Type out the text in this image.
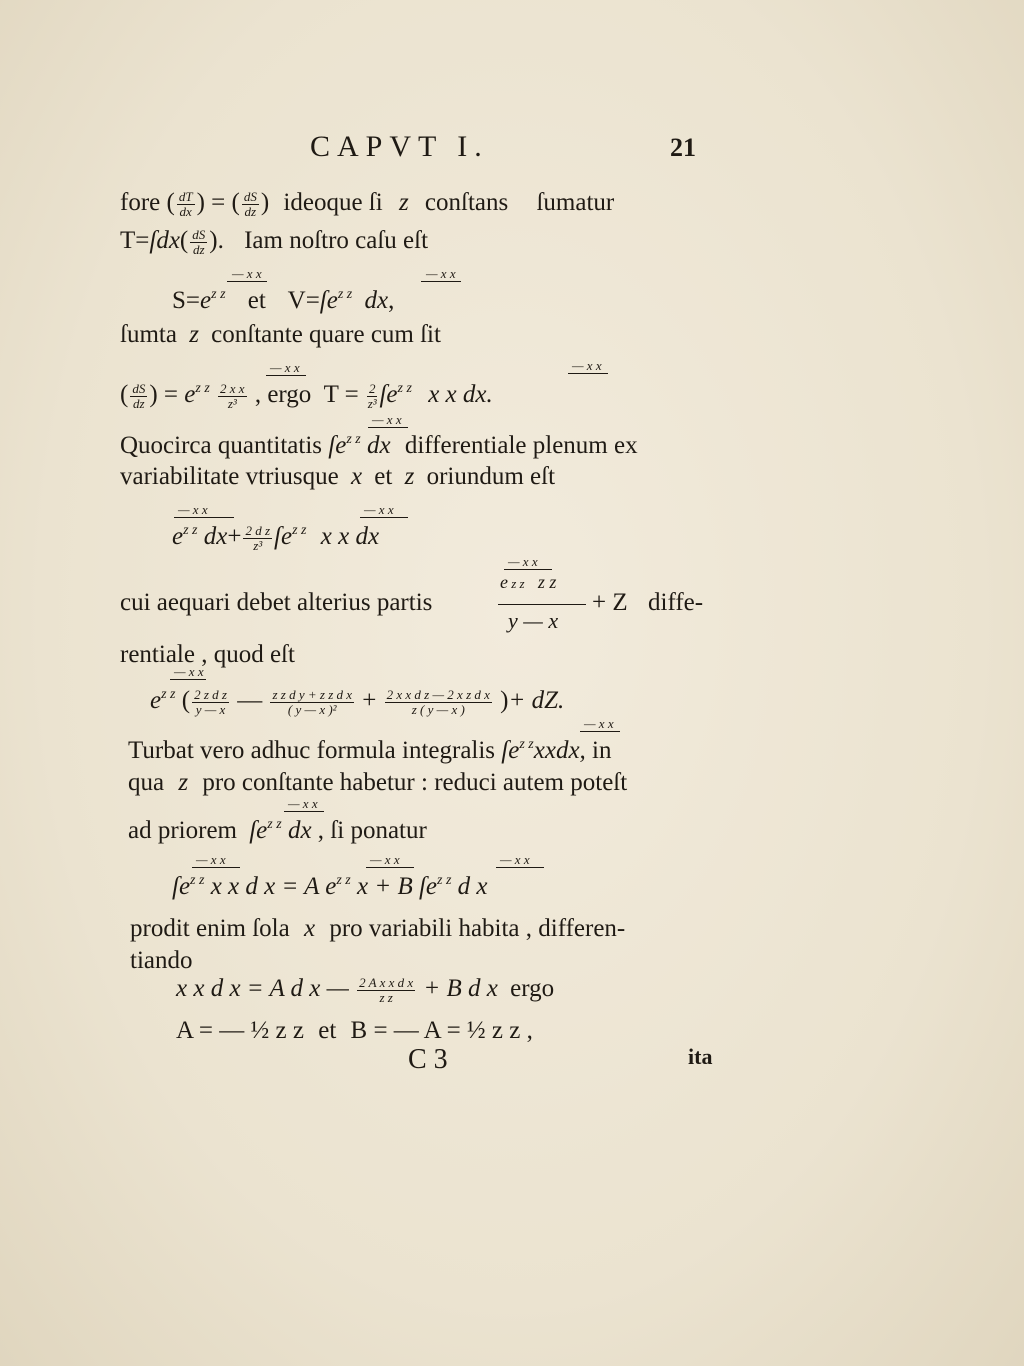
CAPVT I.	21
fore ( $\frac{dT}{dx}$ ) = ( $\frac{dS}{dz}$ ) ideoque ſi z conſtans ſumatur
T=ſdx( $\frac{dS}{dz}$ ). Iam noſtro caſu eſt
— x x	— x x
$S=e^{z z}$ et $V=ſe^{z z}$ dx,
ſumta z conſtante quare cum ſit
— x x	— x x
( $\frac{dS}{dz}$ ) = $e^{z z} \frac{\text{2 x x}}{\text{z³}}$ , ergo $T = \frac{2}{\text{z³}}$ $ſe^{z z}$ x x dx.
— x x
Quocirca quantitatis $ſe^{z z}$ dx differentiale plenum ex
variabilitate vtriusque x et z oriundum eſt
— x x	— x x
$e^{z z}$ $dx+ \frac{\text{2 d z}}{\text{z³}}$ $ſe^{z z}$ x x dx
— x x
cui aequari debet alterius partis
e z z z z
y — x
+ Z diffe-
rentiale , quod eſt
— x x
$e^{z z}$ ( $\frac{\text{2 z d z}}{y — x}$ — $\frac{\text{z z d y + z z d x}}{\text{( y — x )²}} + \frac{\text{2 x x d z — 2 x z d x}}{z ( y — x )}$ )+ dZ.
— x x
Turbat vero adhuc formula integralis $ſe^{z z}xxdx$, in
qua z pro conſtante habetur : reduci autem poteſt
— x x
ad priorem $ſe^{z z}$ dx , ſi ponatur
— x x	— x x	— x x
$ſe^{z z}$ x x d x = A $e^{z z}$ x + B $ſe^{z z}$ d x
prodit enim ſola x pro variabili habita , differen-
tiando
x x d x = A d x — $\frac{\text{2 A x x d x}}{\text{z z}} + B$ d x ergo
A = — ½ z z et B = — A = ½ z z ,
C 3	ita
